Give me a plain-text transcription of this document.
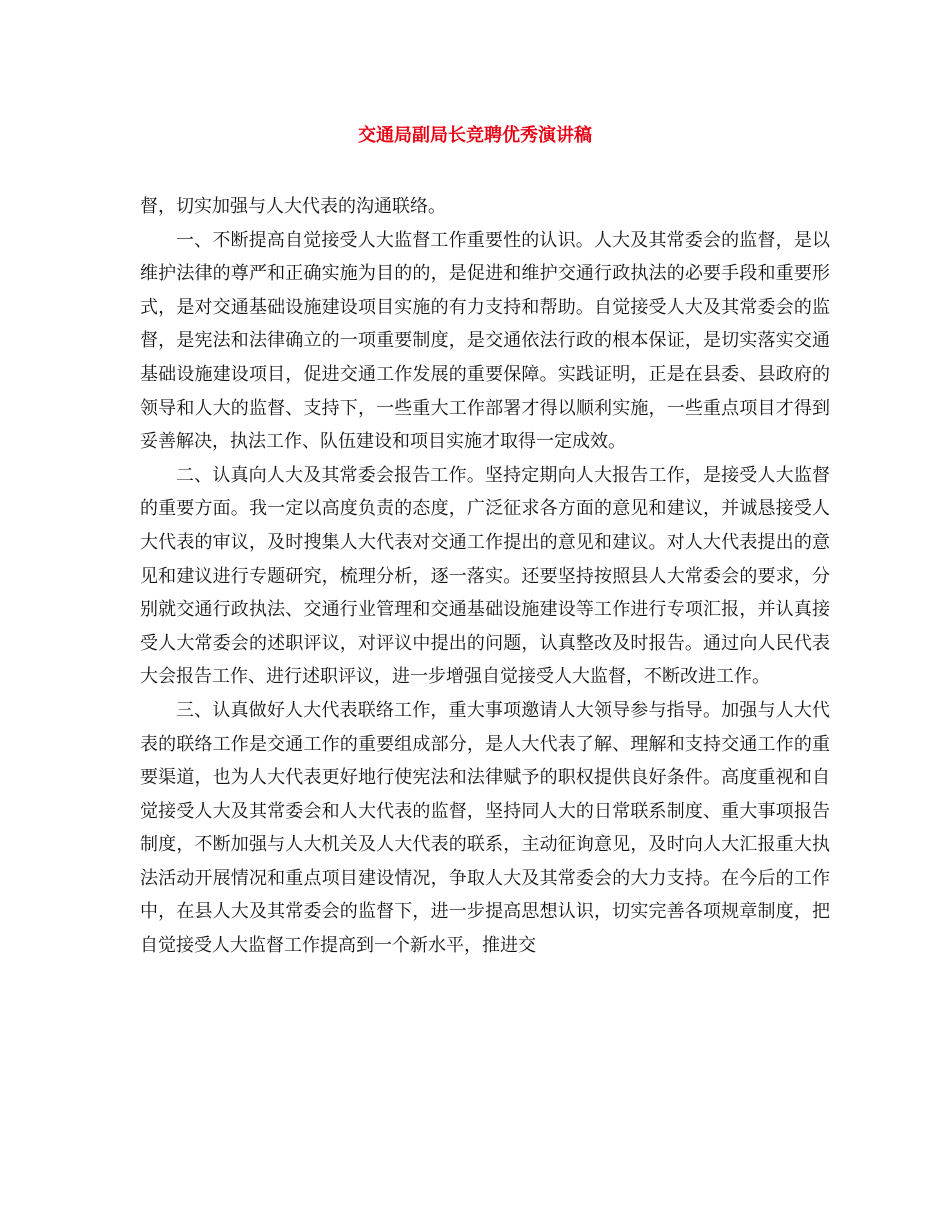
交通局副局长竞聘优秀演讲稿

督，切实加强与人大代表的沟通联络。

一、不断提高自觉接受人大监督工作重要性的认识。人大及其常委会的监督，是以维护法律的尊严和正确实施为目的的，是促进和维护交通行政执法的必要手段和重要形式，是对交通基础设施建设项目实施的有力支持和帮助。自觉接受人大及其常委会的监督，是宪法和法律确立的一项重要制度，是交通依法行政的根本保证，是切实落实交通基础设施建设项目，促进交通工作发展的重要保障。实践证明，正是在县委、县政府的领导和人大的监督、支持下，一些重大工作部署才得以顺利实施，一些重点项目才得到妥善解决，执法工作、队伍建设和项目实施才取得一定成效。

二、认真向人大及其常委会报告工作。坚持定期向人大报告工作，是接受人大监督的重要方面。我一定以高度负责的态度，广泛征求各方面的意见和建议，并诚恳接受人大代表的审议，及时搜集人大代表对交通工作提出的意见和建议。对人大代表提出的意见和建议进行专题研究，梳理分析，逐一落实。还要坚持按照县人大常委会的要求，分别就交通行政执法、交通行业管理和交通基础设施建设等工作进行专项汇报，并认真接受人大常委会的述职评议，对评议中提出的问题，认真整改及时报告。通过向人民代表大会报告工作、进行述职评议，进一步增强自觉接受人大监督，不断改进工作。

三、认真做好人大代表联络工作，重大事项邀请人大领导参与指导。加强与人大代表的联络工作是交通工作的重要组成部分，是人大代表了解、理解和支持交通工作的重要渠道，也为人大代表更好地行使宪法和法律赋予的职权提供良好条件。高度重视和自觉接受人大及其常委会和人大代表的监督，坚持同人大的日常联系制度、重大事项报告制度，不断加强与人大机关及人大代表的联系，主动征询意见，及时向人大汇报重大执法活动开展情况和重点项目建设情况，争取人大及其常委会的大力支持。在今后的工作中，在县人大及其常委会的监督下，进一步提高思想认识，切实完善各项规章制度，把自觉接受人大监督工作提高到一个新水平，推进交
